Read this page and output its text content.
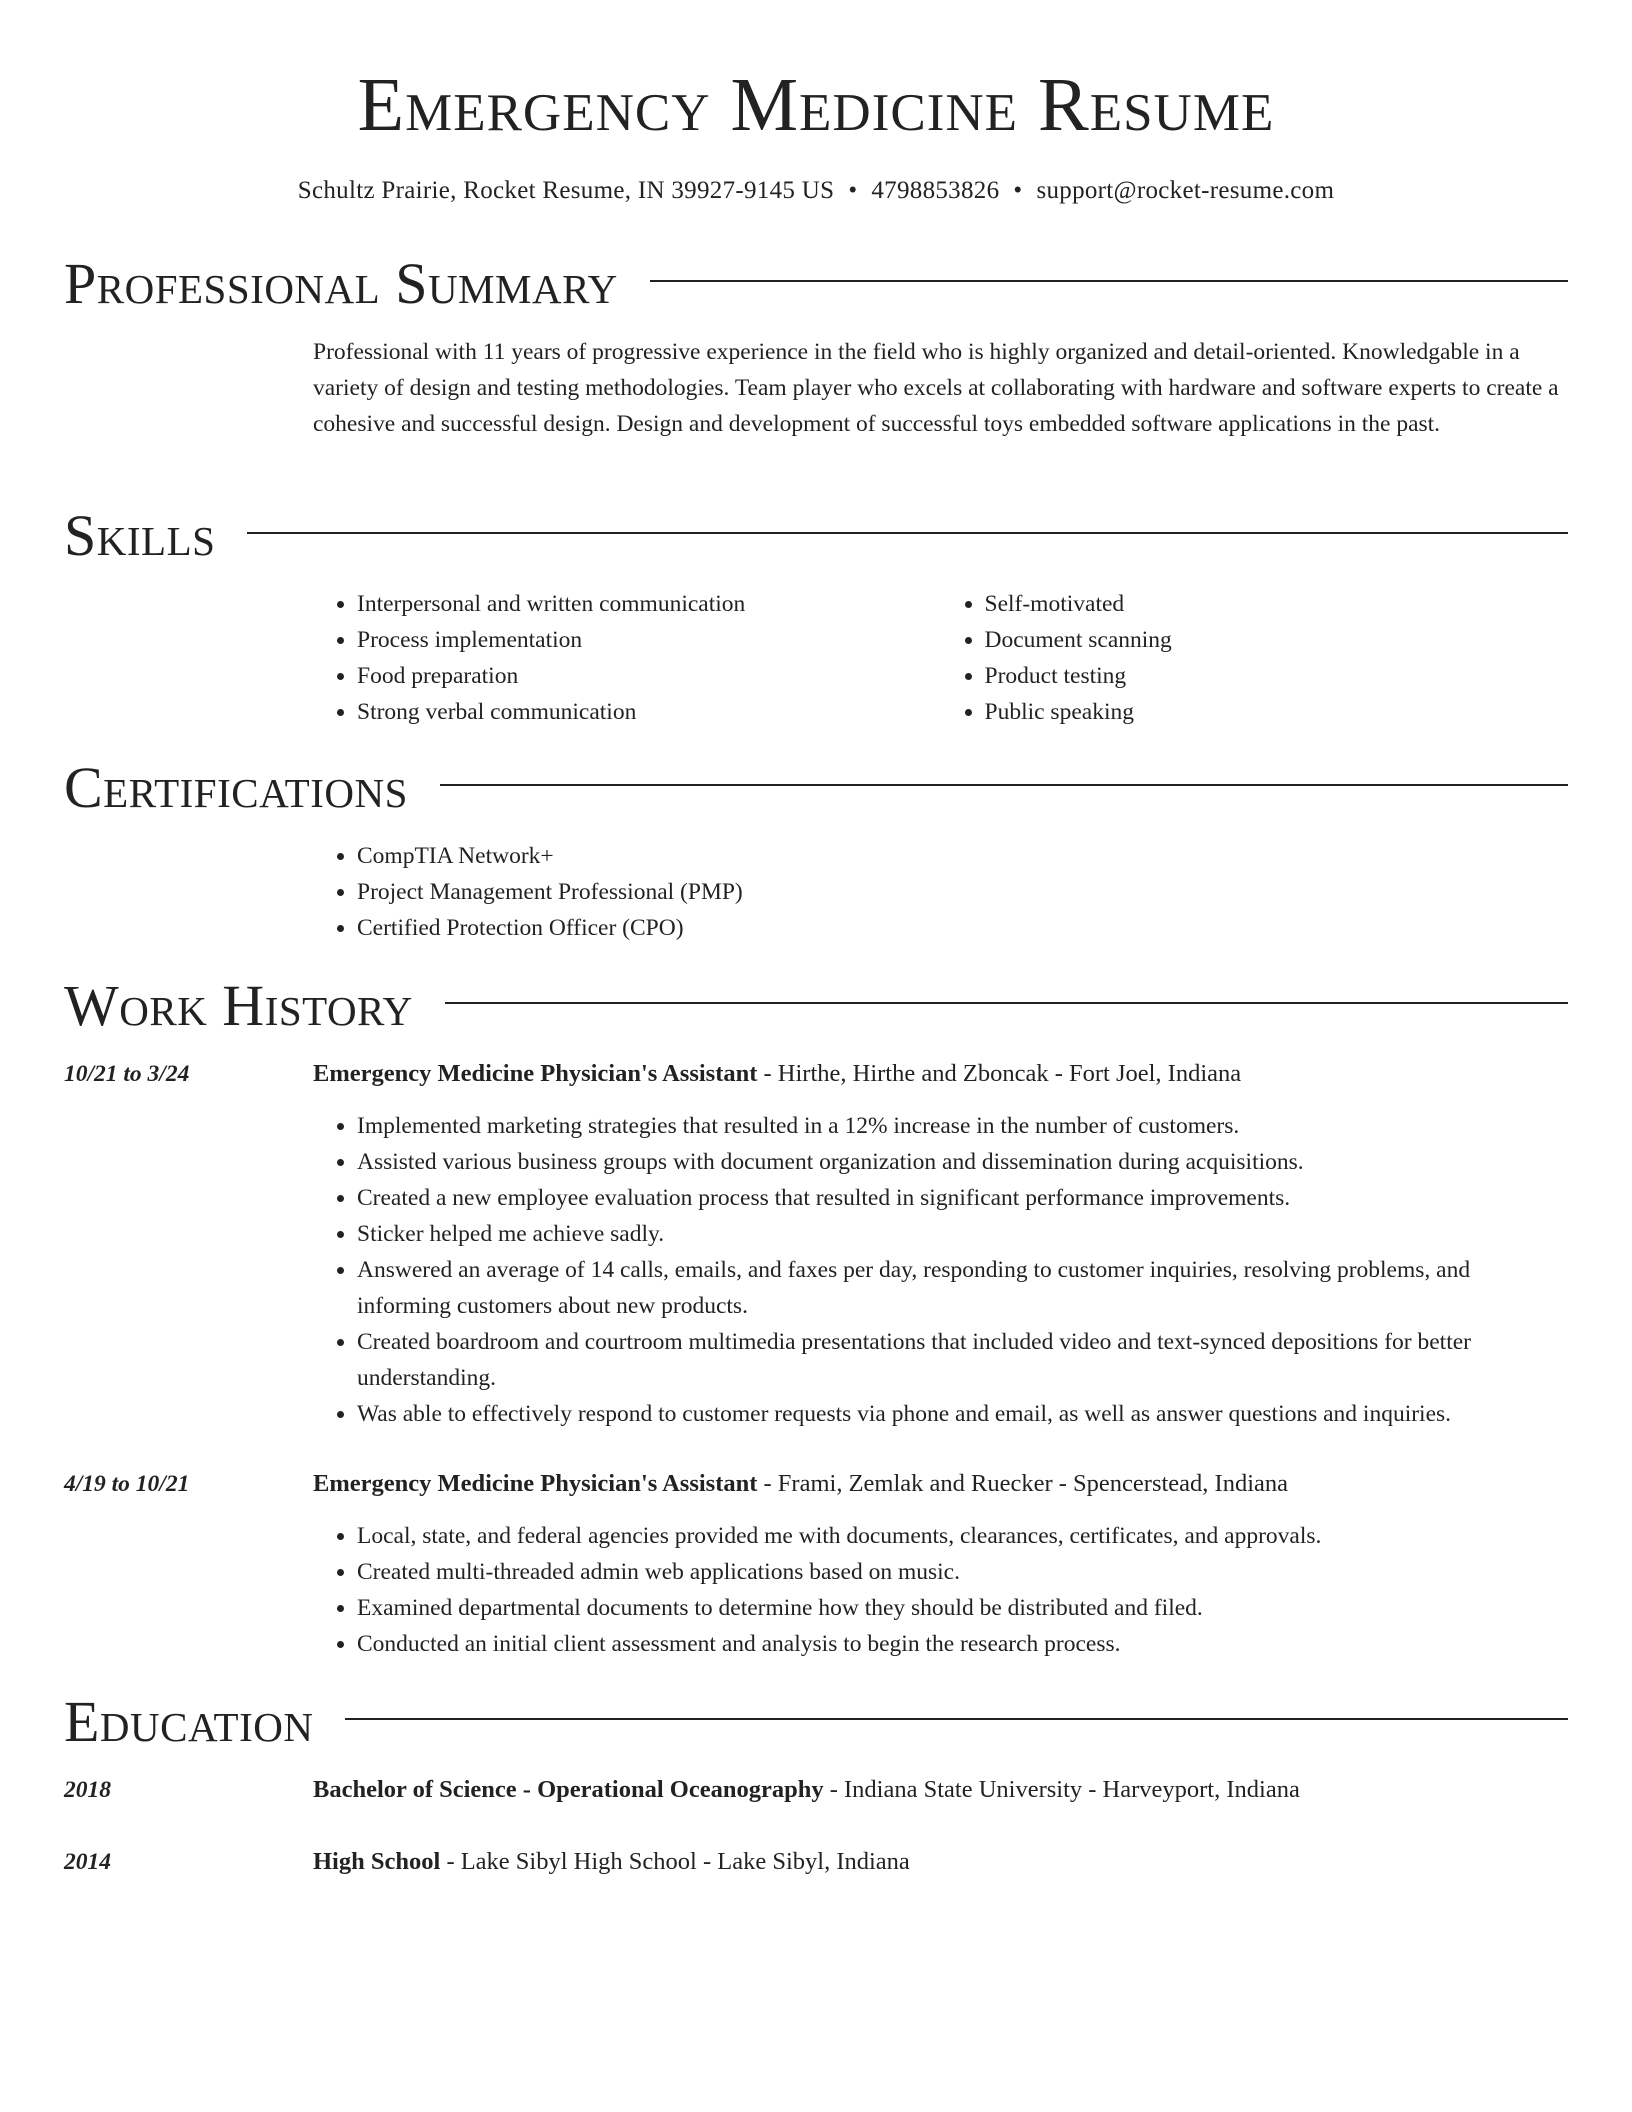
Emergency Medicine Resume
Schultz Prairie, Rocket Resume, IN 39927-9145 US • 4798853826 • support@rocket-resume.com
Professional Summary

Professional with 11 years of progressive experience in the field who is highly organized and detail-oriented. Knowledgable in a variety of design and testing methodologies. Team player who excels at collaborating with hardware and software experts to create a cohesive and successful design. Design and development of successful toys embedded software applications in the past.

Skills
• Interpersonal and written communication
• Process implementation
• Food preparation
• Strong verbal communication
• Self-motivated
• Document scanning
• Product testing
• Public speaking
Certifications
• CompTIA Network+
• Project Management Professional (PMP)
• Certified Protection Officer (CPO)
Work History
10/21 to 3/24	Emergency Medicine Physician's Assistant - Hirthe, Hirthe and Zboncak - Fort Joel, Indiana
• Implemented marketing strategies that resulted in a 12% increase in the number of customers.
• Assisted various business groups with document organization and dissemination during acquisitions.
• Created a new employee evaluation process that resulted in significant performance improvements.
• Sticker helped me achieve sadly.
• Answered an average of 14 calls, emails, and faxes per day, responding to customer inquiries, resolving problems, and informing customers about new products.
• Created boardroom and courtroom multimedia presentations that included video and text-synced depositions for better understanding.
• Was able to effectively respond to customer requests via phone and email, as well as answer questions and inquiries.
4/19 to 10/21	Emergency Medicine Physician's Assistant - Frami, Zemlak and Ruecker - Spencerstead, Indiana
• Local, state, and federal agencies provided me with documents, clearances, certificates, and approvals.
• Created multi-threaded admin web applications based on music.
• Examined departmental documents to determine how they should be distributed and filed.
• Conducted an initial client assessment and analysis to begin the research process.
Education
2018	Bachelor of Science - Operational Oceanography - Indiana State University - Harveyport, Indiana
2014	High School - Lake Sibyl High School - Lake Sibyl, Indiana
